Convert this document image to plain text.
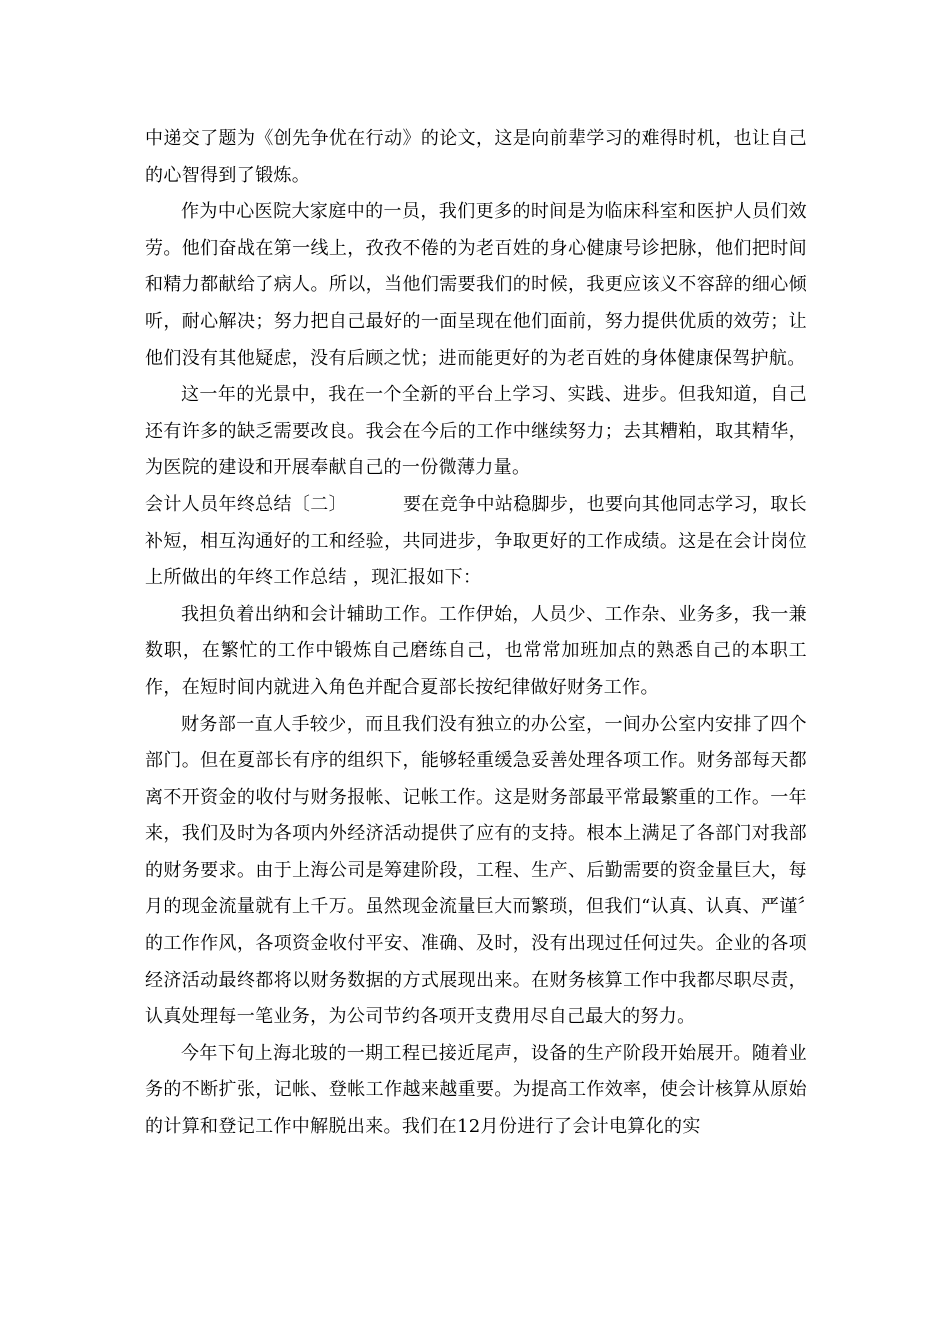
中递交了题为《创先争优在行动》的论文，这是向前辈学习的难得时机，也让自己的心智得到了锻炼。

作为中心医院大家庭中的一员，我们更多的时间是为临床科室和医护人员们效劳。他们奋战在第一线上，孜孜不倦的为老百姓的身心健康号诊把脉，他们把时间和精力都献给了病人。所以，当他们需要我们的时候，我更应该义不容辞的细心倾听，耐心解决；努力把自己最好的一面呈现在他们面前，努力提供优质的效劳；让他们没有其他疑虑，没有后顾之忧；进而能更好的为老百姓的身体健康保驾护航。

这一年的光景中，我在一个全新的平台上学习、实践、进步。但我知道，自己还有许多的缺乏需要改良。我会在今后的工作中继续努力；去其糟粕，取其精华，为医院的建设和开展奉献自己的一份微薄力量。

会计人员年终总结〔二〕	要在竞争中站稳脚步，也要向其他同志学习，取长补短，相互沟通好的工和经验，共同进步，争取更好的工作成绩。这是在会计岗位上所做出的年终工作总结 ，现汇报如下：

我担负着出纳和会计辅助工作。工作伊始，人员少、工作杂、业务多，我一兼数职，在繁忙的工作中锻炼自己磨练自己，也常常加班加点的熟悉自己的本职工作，在短时间内就进入角色并配合夏部长按纪律做好财务工作。

财务部一直人手较少，而且我们没有独立的办公室，一间办公室内安排了四个部门。但在夏部长有序的组织下，能够轻重缓急妥善处理各项工作。财务部每天都离不开资金的收付与财务报帐、记帐工作。这是财务部最平常最繁重的工作。一年来，我们及时为各项内外经济活动提供了应有的支持。根本上满足了各部门对我部的财务要求。由于上海公司是筹建阶段，工程、生产、后勤需要的资金量巨大，每月的现金流量就有上千万。虽然现金流量巨大而繁琐，但我们“认真、认真、严谨〞的工作作风，各项资金收付平安、准确、及时，没有出现过任何过失。企业的各项经济活动最终都将以财务数据的方式展现出来。在财务核算工作中我都尽职尽责，认真处理每一笔业务，为公司节约各项开支费用尽自己最大的努力。

今年下旬上海北玻的一期工程已接近尾声，设备的生产阶段开始展开。随着业务的不断扩张，记帐、登帐工作越来越重要。为提高工作效率，使会计核算从原始的计算和登记工作中解脱出来。我们在12月份进行了会计电算化的实
